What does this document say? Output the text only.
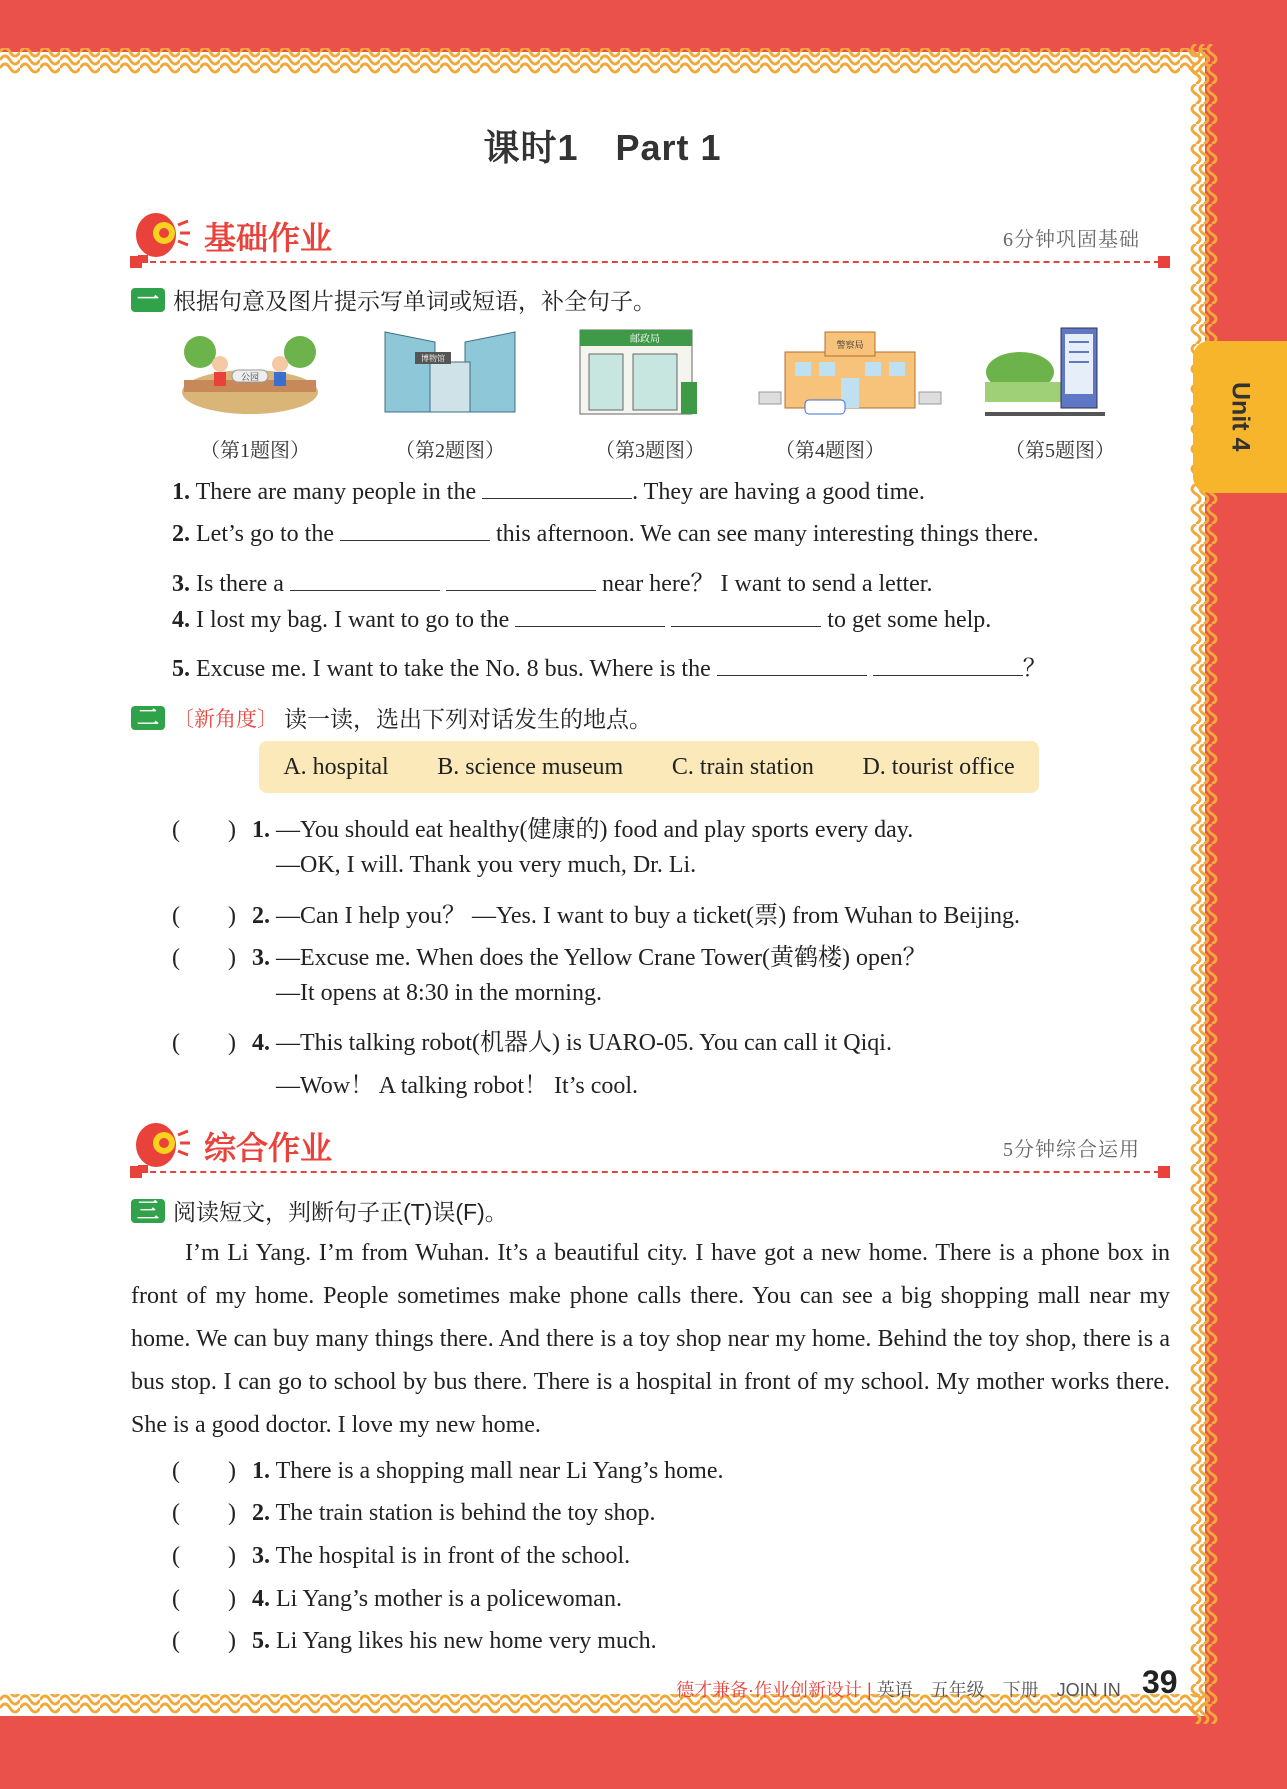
Unit 4
课时1　Part 1
基础作业	6分钟巩固基础
一 根据句意及图片提示写单词或短语，补全句子。
公园
（第1题图）
博物馆
（第2题图）
邮政局
（第3题图）
警察局
（第4题图）	（第5题图）
1. There are many people in the	. They are having a good time.
2. Let’s go to the	this afternoon. We can see many interesting things there.
3. Is there a	near here？ I want to send a letter.
4. I lost my bag. I want to go to the	to get some help.
5. Excuse me. I want to take the No. 8 bus. Where is the	？
二 〔新角度〕 读一读，选出下列对话发生的地点。
A. hospital B. science museum C. train station D. tourist office
(　　) 1. —You should eat healthy(健康的) food and play sports every day.
—OK, I will. Thank you very much, Dr. Li.
(　　) 2. —Can I help you？ —Yes. I want to buy a ticket(票) from Wuhan to Beijing.
(　　) 3. —Excuse me. When does the Yellow Crane Tower(黄鹤楼) open？
—It opens at 8:30 in the morning.
(　　) 4. —This talking robot(机器人) is UARO-05. You can call it Qiqi.
—Wow！ A talking robot！ It’s cool.
综合作业	5分钟综合运用
三 阅读短文，判断句子正(T)误(F)。
I’m Li Yang. I’m from Wuhan. It’s a beautiful city. I have got a new home. There is a phone box in front of my home. People sometimes make phone calls there. You can see a big shopping mall near my home. We can buy many things there. And there is a toy shop near my home. Behind the toy shop, there is a bus stop. I can go to school by bus there. There is a hospital in front of my school. My mother works there. She is a good doctor. I love my new home.
(　　) 1. There is a shopping mall near Li Yang’s home.
(　　) 2. The train station is behind the toy shop.
(　　) 3. The hospital is in front of the school.
(　　) 4. Li Yang’s mother is a policewoman.
(　　) 5. Li Yang likes his new home very much.
德才兼备·作业创新设计 | 英语　五年级　下册　JOIN IN 39
